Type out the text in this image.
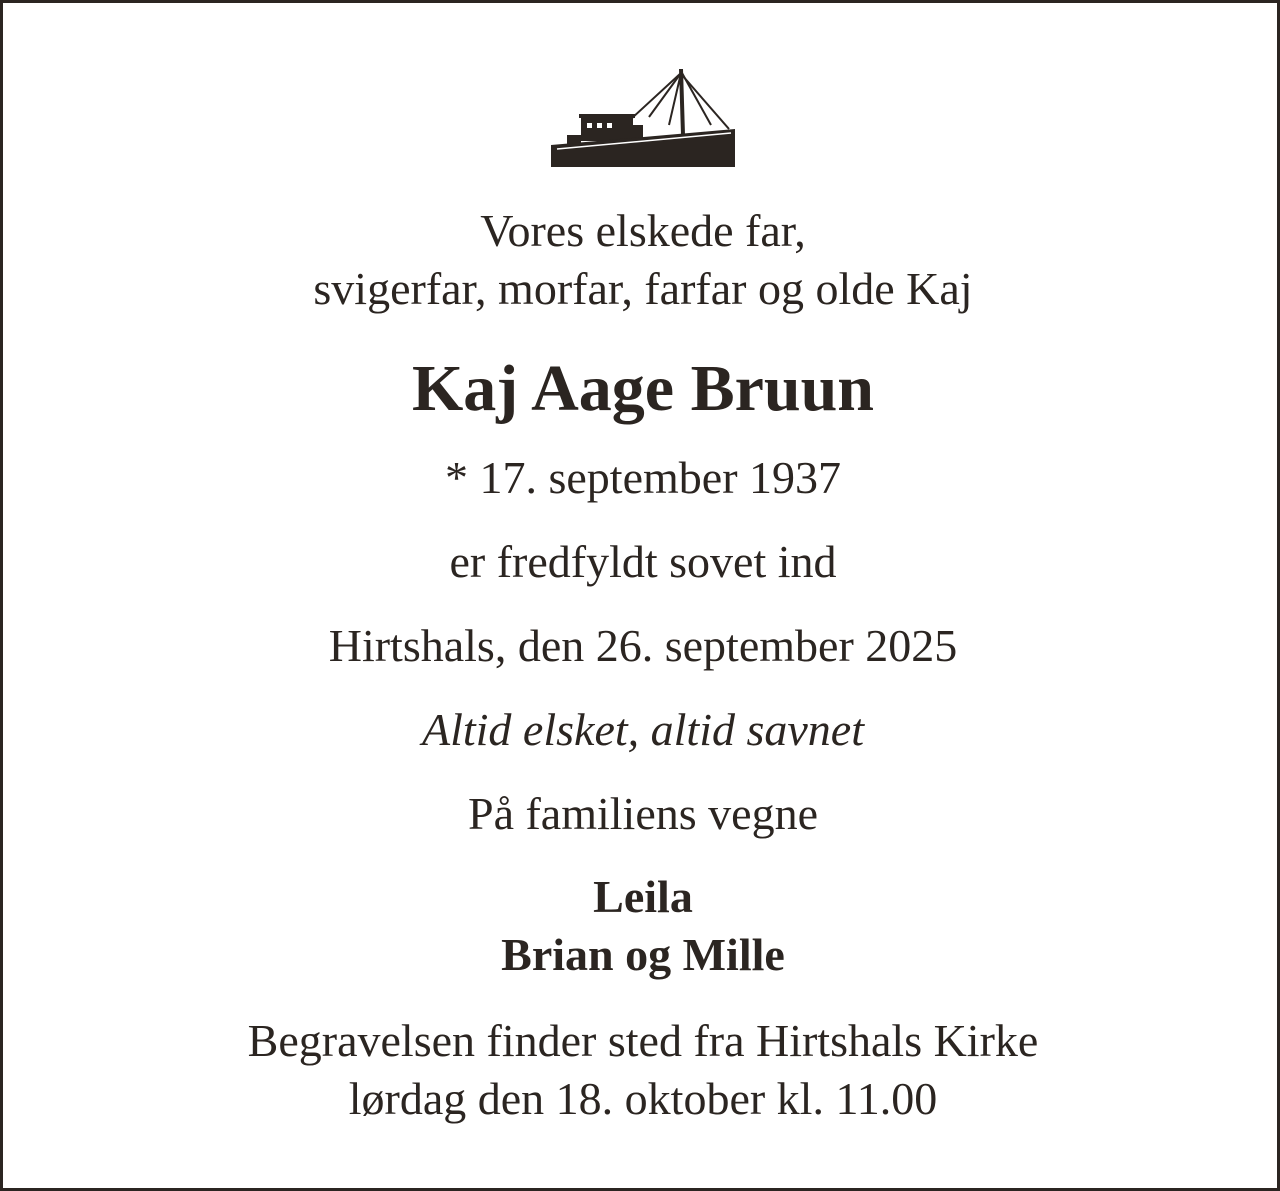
Vores elskede far,
svigerfar, morfar, farfar og olde Kaj
Kaj Aage Bruun
* 17. september 1937
er fredfyldt sovet ind
Hirtshals, den 26. september 2025
Altid elsket, altid savnet
På familiens vegne
Leila
Brian og Mille
Begravelsen finder sted fra Hirtshals Kirke
lørdag den 18. oktober kl. 11.00
